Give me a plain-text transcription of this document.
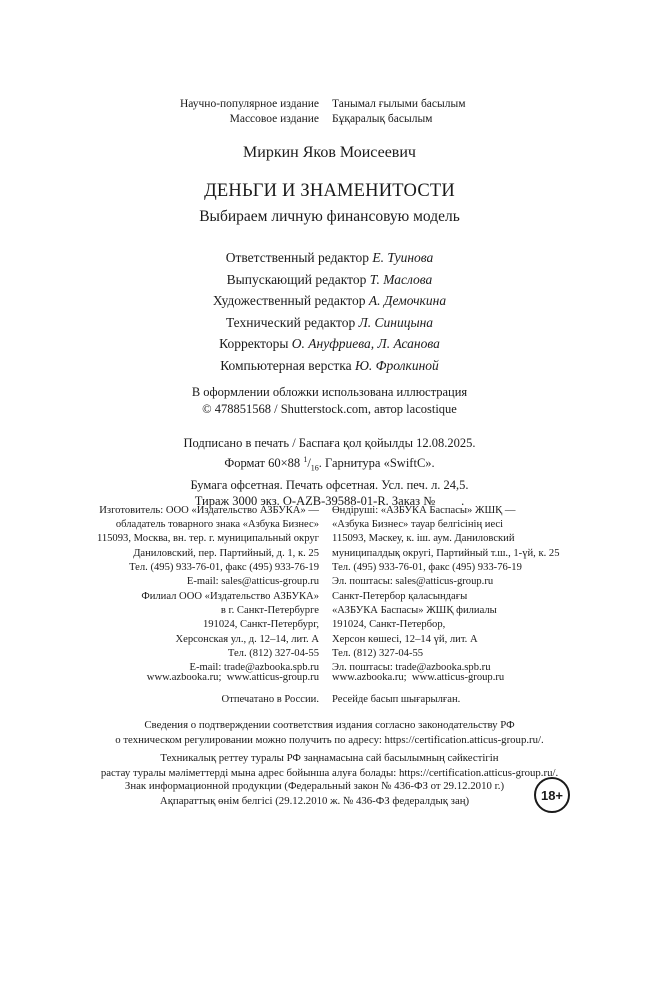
Научно-популярное издание	Танымал ғылыми басылым
Массовое издание	Бұқаралық басылым
Миркин Яков Моисеевич
ДЕНЬГИ И ЗНАМЕНИТОСТИ
Выбираем личную финансовую модель
Ответственный редактор Е. Туинова
Выпускающий редактор Т. Маслова
Художественный редактор А. Демочкина
Технический редактор Л. Синицына
Корректоры О. Ануфриева, Л. Асанова
Компьютерная верстка Ю. Фролкиной
В оформлении обложки использована иллюстрация
© 478851568 / Shutterstock.com, автор lacostique
Подписано в печать / Баспаға қол қойылды 12.08.2025.
Формат 60×88 $^1/_{16}$. Гарнитура «SwiftC».
Бумага офсетная. Печать офсетная. Усл. печ. л. 24,5.
Тираж 3000 экз. O-AZB-39588-01-R. Заказ № .
Изготовитель: ООО «Издательство АЗБУКА» —	Өндіруші: «АЗБУКА Баспасы» ЖШҚ —
обладатель товарного знака «Азбука Бизнес»	«Азбука Бизнес» тауар белгісінің иесі
115093, Москва, вн. тер. г. муниципальный округ	115093, Мәскеу, к. іш. аум. Даниловский
Даниловский, пер. Партийный, д. 1, к. 25	муниципалдық округі, Партийный т.ш., 1-үй, к. 25
Тел. (495) 933-76-01, факс (495) 933-76-19	Тел. (495) 933-76-01, факс (495) 933-76-19
E-mail: sales@atticus-group.ru	Эл. поштасы: sales@atticus-group.ru
Филиал ООО «Издательство АЗБУКА»	Санкт-Петербор қаласындағы
в г. Санкт-Петербурге	«АЗБУКА Баспасы» ЖШҚ филиалы
191024, Санкт-Петербург,	191024, Санкт-Петербор,
Херсонская ул., д. 12–14, лит. А	Херсон көшесі, 12–14 үй, лит. А
Тел. (812) 327-04-55	Тел. (812) 327-04-55
E-mail: trade@azbooka.spb.ru	Эл. поштасы: trade@azbooka.spb.ru
www.azbooka.ru;  www.atticus-group.ru	www.azbooka.ru;  www.atticus-group.ru
Отпечатано в России.	Ресейде басып шығарылған.
Сведения о подтверждении соответствия издания согласно законодательству РФ
о техническом регулировании можно получить по адресу: https://certification.atticus-group.ru/.
Техникалық реттеу туралы РФ заңнамасына сай басылымның сәйкестігін
растау туралы мәліметтерді мына адрес бойынша алуға болады: https://certification.atticus-group.ru/.
Знак информационной продукции (Федеральный закон № 436-ФЗ от 29.12.2010 г.)
Ақпараттық өнім белгісі (29.12.2010 ж. № 436-ФЗ федералдық заң)	18+
